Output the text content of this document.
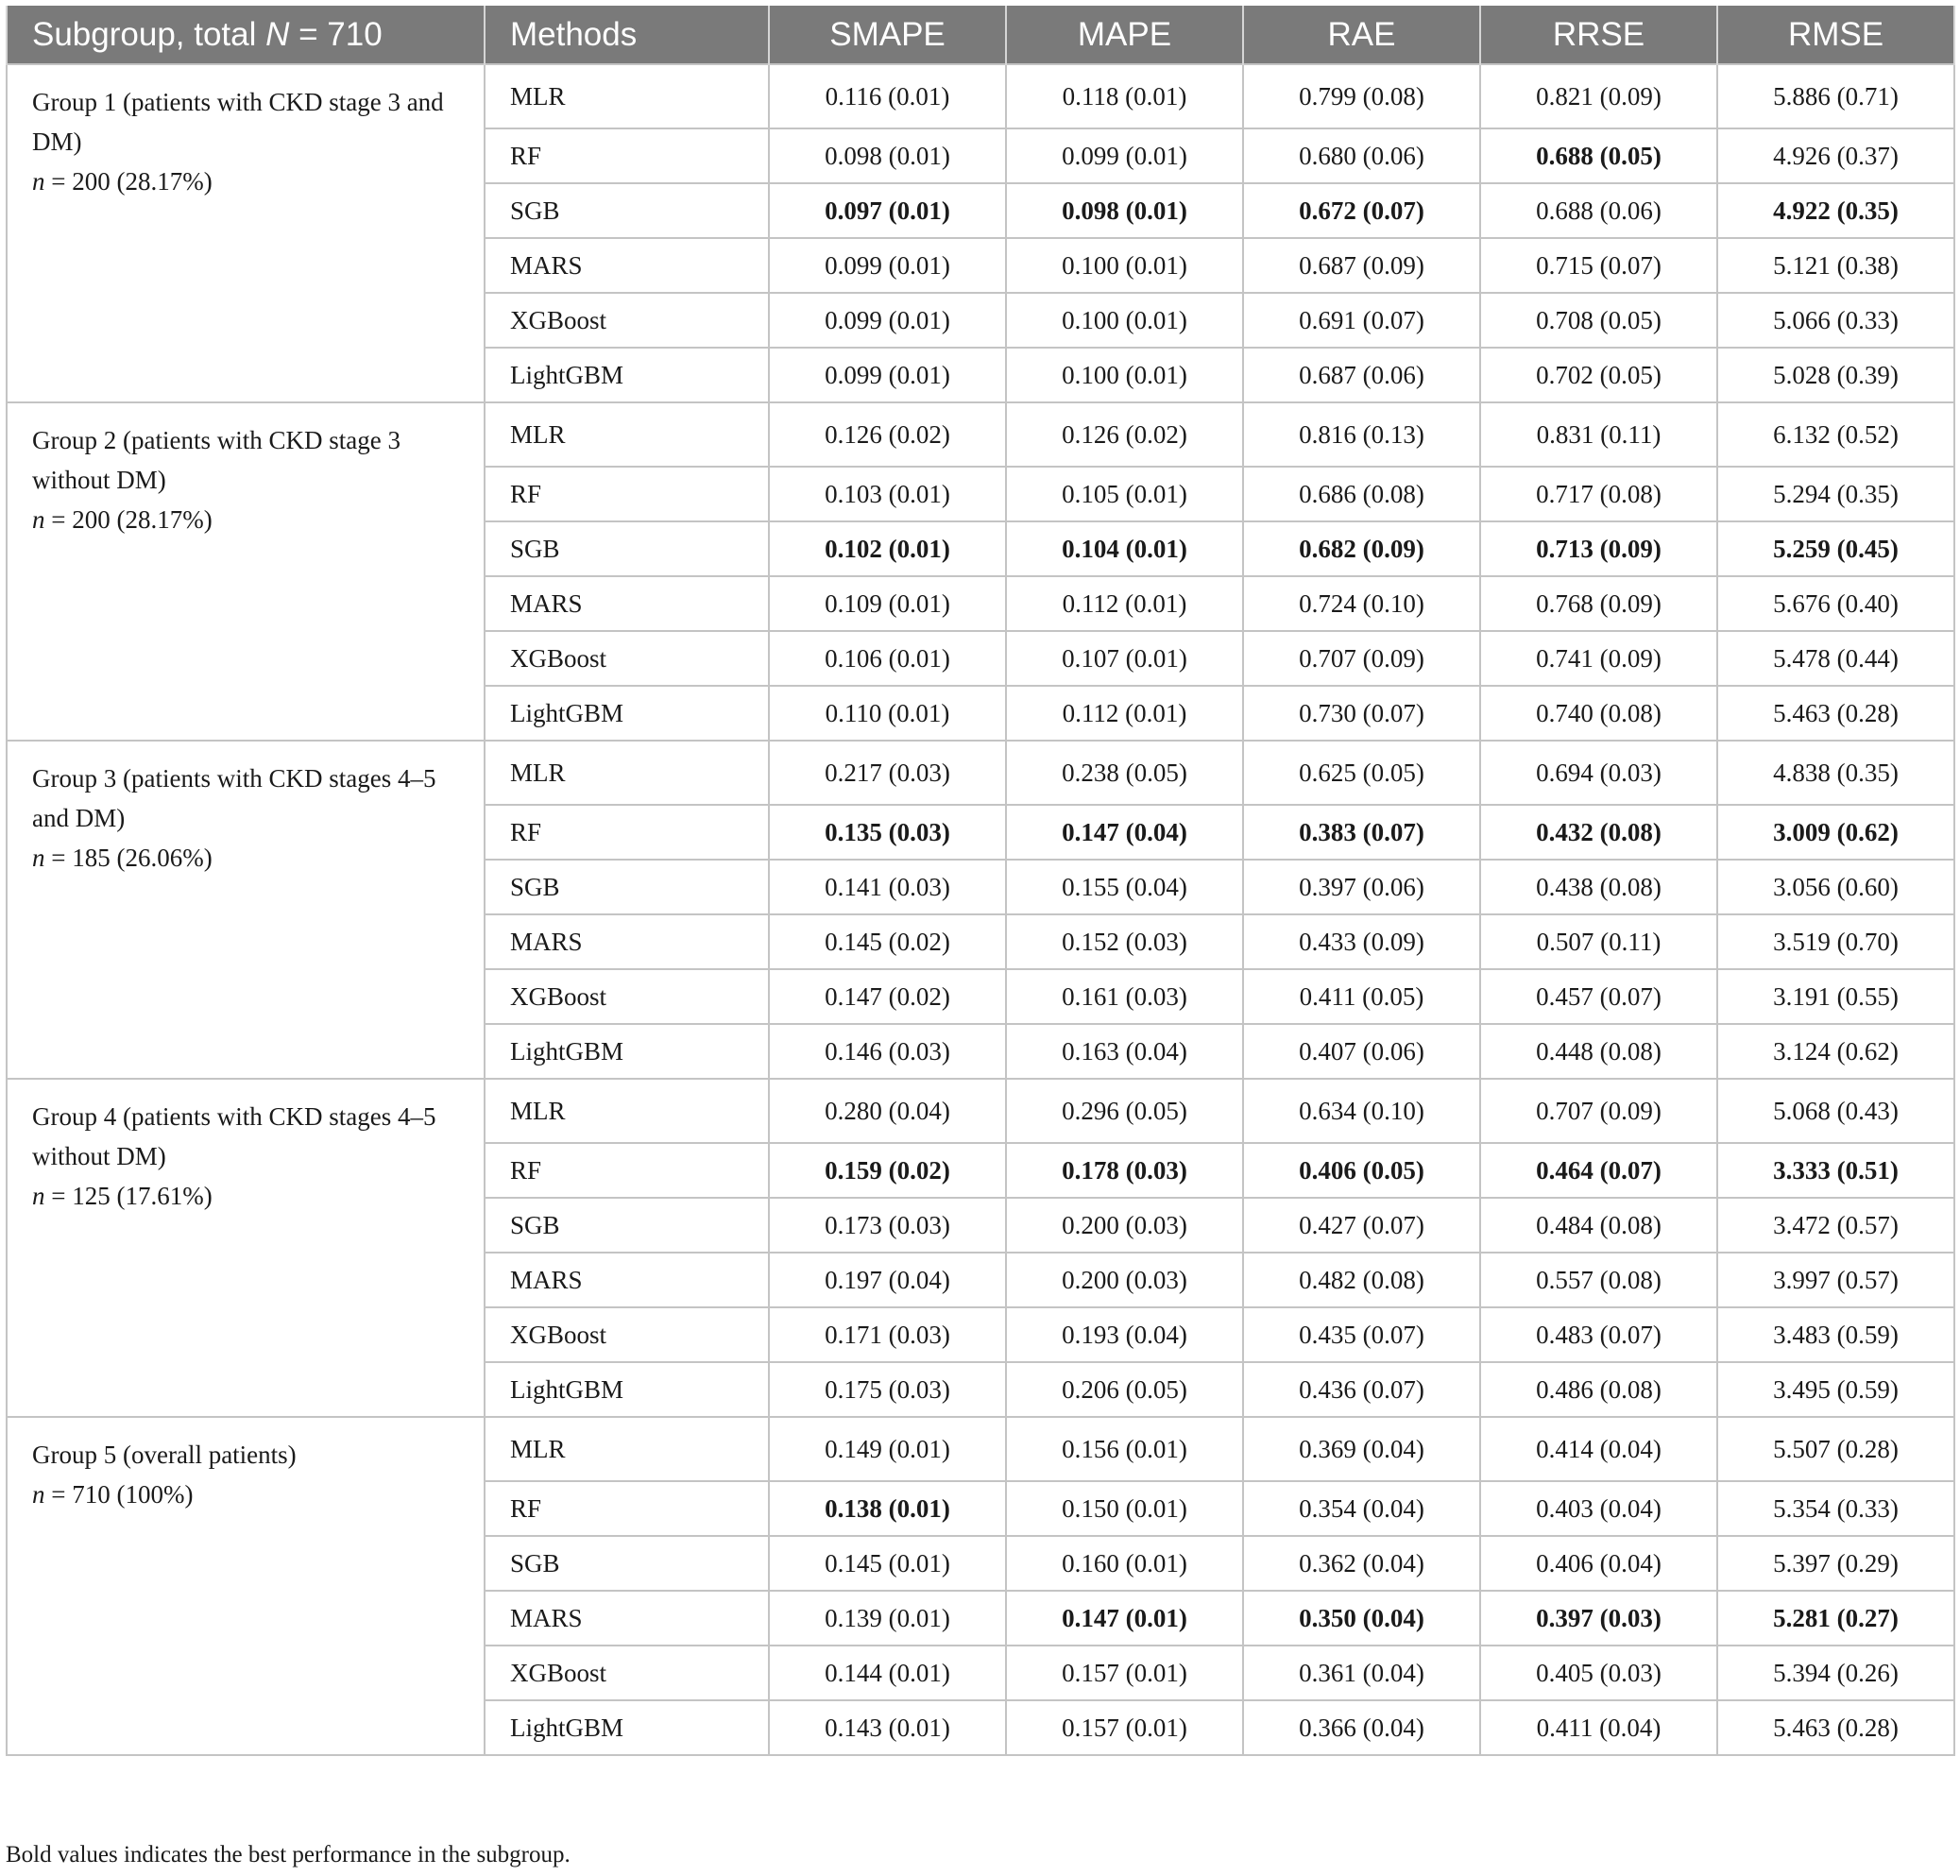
Subgroup, total N = 710	Methods	SMAPE	MAPE	RAE	RRSE	RMSE

Group 1 (patients with CKD stage 3 and DM)
n = 200 (28.17%)	MLR	0.116 (0.01)	0.118 (0.01)	0.799 (0.08)	0.821 (0.09)	5.886 (0.71)
	RF	0.098 (0.01)	0.099 (0.01)	0.680 (0.06)	0.688 (0.05)	4.926 (0.37)
	SGB	0.097 (0.01)	0.098 (0.01)	0.672 (0.07)	0.688 (0.06)	4.922 (0.35)
	MARS	0.099 (0.01)	0.100 (0.01)	0.687 (0.09)	0.715 (0.07)	5.121 (0.38)
	XGBoost	0.099 (0.01)	0.100 (0.01)	0.691 (0.07)	0.708 (0.05)	5.066 (0.33)
	LightGBM	0.099 (0.01)	0.100 (0.01)	0.687 (0.06)	0.702 (0.05)	5.028 (0.39)

Group 2 (patients with CKD stage 3 without DM)
n = 200 (28.17%)	MLR	0.126 (0.02)	0.126 (0.02)	0.816 (0.13)	0.831 (0.11)	6.132 (0.52)
	RF	0.103 (0.01)	0.105 (0.01)	0.686 (0.08)	0.717 (0.08)	5.294 (0.35)
	SGB	0.102 (0.01)	0.104 (0.01)	0.682 (0.09)	0.713 (0.09)	5.259 (0.45)
	MARS	0.109 (0.01)	0.112 (0.01)	0.724 (0.10)	0.768 (0.09)	5.676 (0.40)
	XGBoost	0.106 (0.01)	0.107 (0.01)	0.707 (0.09)	0.741 (0.09)	5.478 (0.44)
	LightGBM	0.110 (0.01)	0.112 (0.01)	0.730 (0.07)	0.740 (0.08)	5.463 (0.28)

Group 3 (patients with CKD stages 4–5 and DM)
n = 185 (26.06%)	MLR	0.217 (0.03)	0.238 (0.05)	0.625 (0.05)	0.694 (0.03)	4.838 (0.35)
	RF	0.135 (0.03)	0.147 (0.04)	0.383 (0.07)	0.432 (0.08)	3.009 (0.62)
	SGB	0.141 (0.03)	0.155 (0.04)	0.397 (0.06)	0.438 (0.08)	3.056 (0.60)
	MARS	0.145 (0.02)	0.152 (0.03)	0.433 (0.09)	0.507 (0.11)	3.519 (0.70)
	XGBoost	0.147 (0.02)	0.161 (0.03)	0.411 (0.05)	0.457 (0.07)	3.191 (0.55)
	LightGBM	0.146 (0.03)	0.163 (0.04)	0.407 (0.06)	0.448 (0.08)	3.124 (0.62)

Group 4 (patients with CKD stages 4–5 without DM)
n = 125 (17.61%)	MLR	0.280 (0.04)	0.296 (0.05)	0.634 (0.10)	0.707 (0.09)	5.068 (0.43)
	RF	0.159 (0.02)	0.178 (0.03)	0.406 (0.05)	0.464 (0.07)	3.333 (0.51)
	SGB	0.173 (0.03)	0.200 (0.03)	0.427 (0.07)	0.484 (0.08)	3.472 (0.57)
	MARS	0.197 (0.04)	0.200 (0.03)	0.482 (0.08)	0.557 (0.08)	3.997 (0.57)
	XGBoost	0.171 (0.03)	0.193 (0.04)	0.435 (0.07)	0.483 (0.07)	3.483 (0.59)
	LightGBM	0.175 (0.03)	0.206 (0.05)	0.436 (0.07)	0.486 (0.08)	3.495 (0.59)

Group 5 (overall patients)
n = 710 (100%)	MLR	0.149 (0.01)	0.156 (0.01)	0.369 (0.04)	0.414 (0.04)	5.507 (0.28)
	RF	0.138 (0.01)	0.150 (0.01)	0.354 (0.04)	0.403 (0.04)	5.354 (0.33)
	SGB	0.145 (0.01)	0.160 (0.01)	0.362 (0.04)	0.406 (0.04)	5.397 (0.29)
	MARS	0.139 (0.01)	0.147 (0.01)	0.350 (0.04)	0.397 (0.03)	5.281 (0.27)
	XGBoost	0.144 (0.01)	0.157 (0.01)	0.361 (0.04)	0.405 (0.03)	5.394 (0.26)
	LightGBM	0.143 (0.01)	0.157 (0.01)	0.366 (0.04)	0.411 (0.04)	5.463 (0.28)
Bold values indicates the best performance in the subgroup.
